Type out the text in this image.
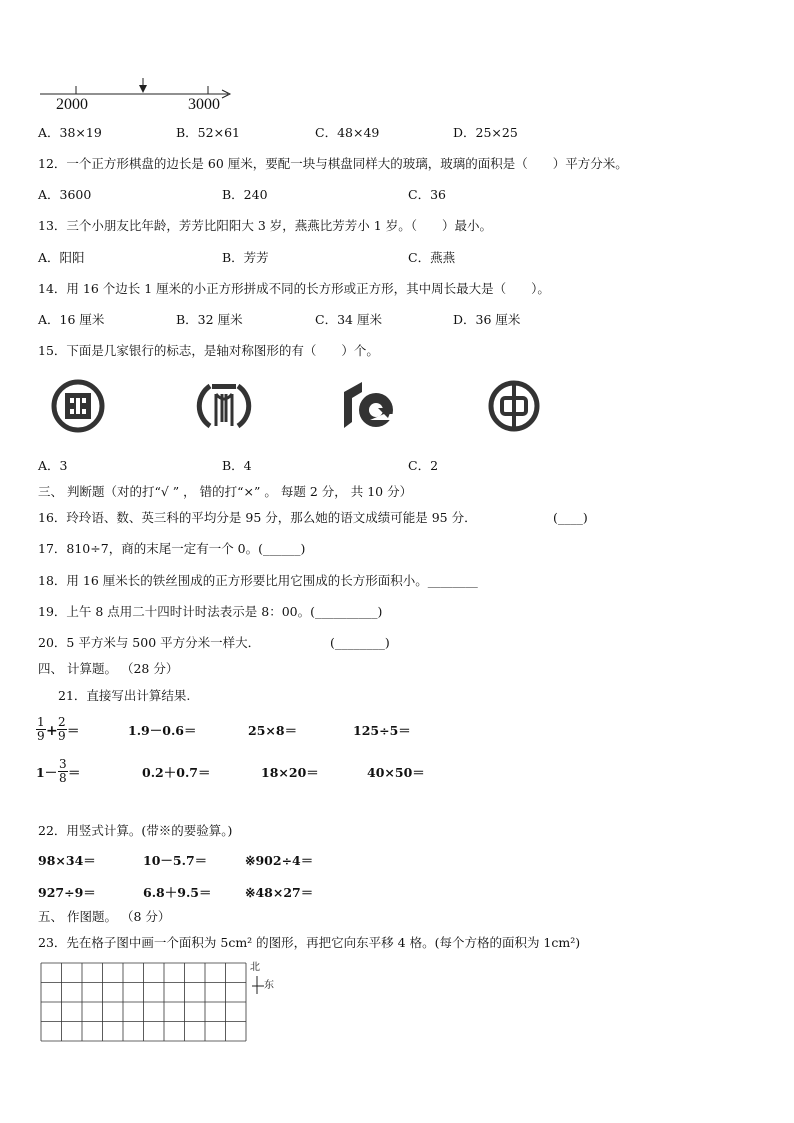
2000	3000
A．38×19	B．52×61	C．48×49	D．25×25
12．一个正方形棋盘的边长是 60 厘米，要配一块与棋盘同样大的玻璃，玻璃的面积是（　　）平方分米。
A．3600	B．240	C．36
13．三个小朋友比年龄，芳芳比阳阳大 3 岁，燕燕比芳芳小 1 岁。（　　）最小。
A．阳阳	B．芳芳	C．燕燕
14．用 16 个边长 1 厘米的小正方形拼成不同的长方形或正方形，其中周长最大是（　　）。
A．16 厘米	B．32 厘米	C．34 厘米	D．36 厘米
15．下面是几家银行的标志，是轴对称图形的有（　　）个。
A．3	B．4	C．2
三、 判断题（对的打“√ ” ， 错的打“×” 。 每题 2 分， 共 10 分）
16．玲玲语、数、英三科的平均分是 95 分，那么她的语文成绩可能是 95 分．	(____)
17．810÷7，商的末尾一定有一个 0。(______)
18．用 16 厘米长的铁丝围成的正方形要比用它围成的长方形面积小。________
19．上午 8 点用二十四时计时法表示是 8：00。(__________)
20．5 平方米与 500 平方分米一样大．	(________)
四、 计算题。 （28 分）
21．直接写出计算结果.
$\frac{1}{9} + \frac{2}{9}$ ＝	1.9－0.6＝	25×8＝	125÷5＝
$1- \frac{3}{8}$ ＝	0.2＋0.7＝	18×20＝	40×50＝
22．用竖式计算。(带※的要验算。)
98×34＝	10－5.7＝	※902÷4＝
927÷9＝	6.8＋9.5＝	※48×27＝
五、 作图题。 （8 分）
23．先在格子图中画一个面积为 5cm² 的图形，再把它向东平移 4 格。(每个方格的面积为 1cm²)
北
东
